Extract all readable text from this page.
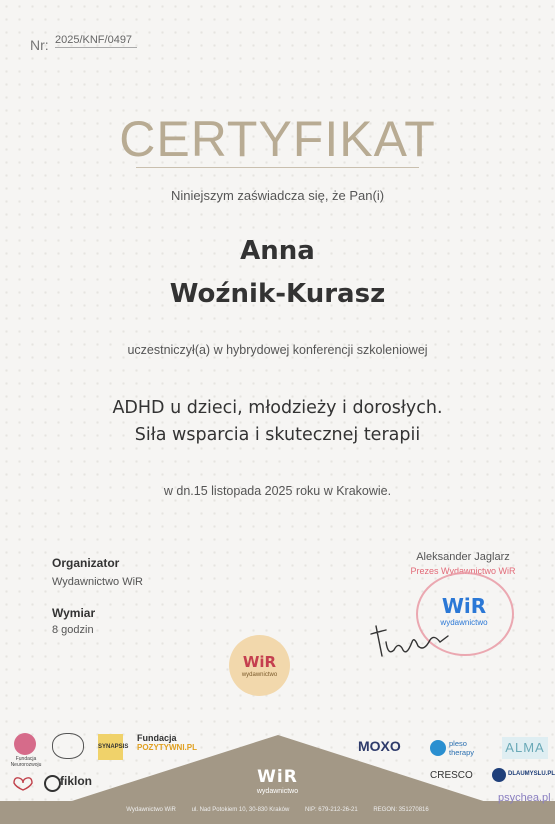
Nr: 2025/KNF/0497
CERTYFIKAT
Niniejszym zaświadcza się, że Pan(i)
Anna
Woźnik-Kurasz
uczestniczył(a) w hybrydowej konferencji szkoleniowej
ADHD u dzieci, młodzieży i dorosłych.
Siła wsparcia i skutecznej terapii
w dn.15 listopada 2025 roku w Krakowie.
Organizator
Wydawnictwo WiR
Wymiar
8 godzin
Aleksander Jaglarz
Prezes Wydawnictwo WiR
WiR
wydawnictwo
WiR
wydawnictwo
WiR
wydawnictwo
Wydawnictwo WiR	ul. Nad Potokiem 10, 30-830 Kraków	NIP: 679-212-26-21	REGON: 351270816
Fundacja Neurorozwoju
SYNAPSIS
Fundacja
POZYTYWNI.PL
fiklon
MOXO	pleso therapy	ALMA
CRESCO	DLAUMYSLU.PL
psychea.pl
